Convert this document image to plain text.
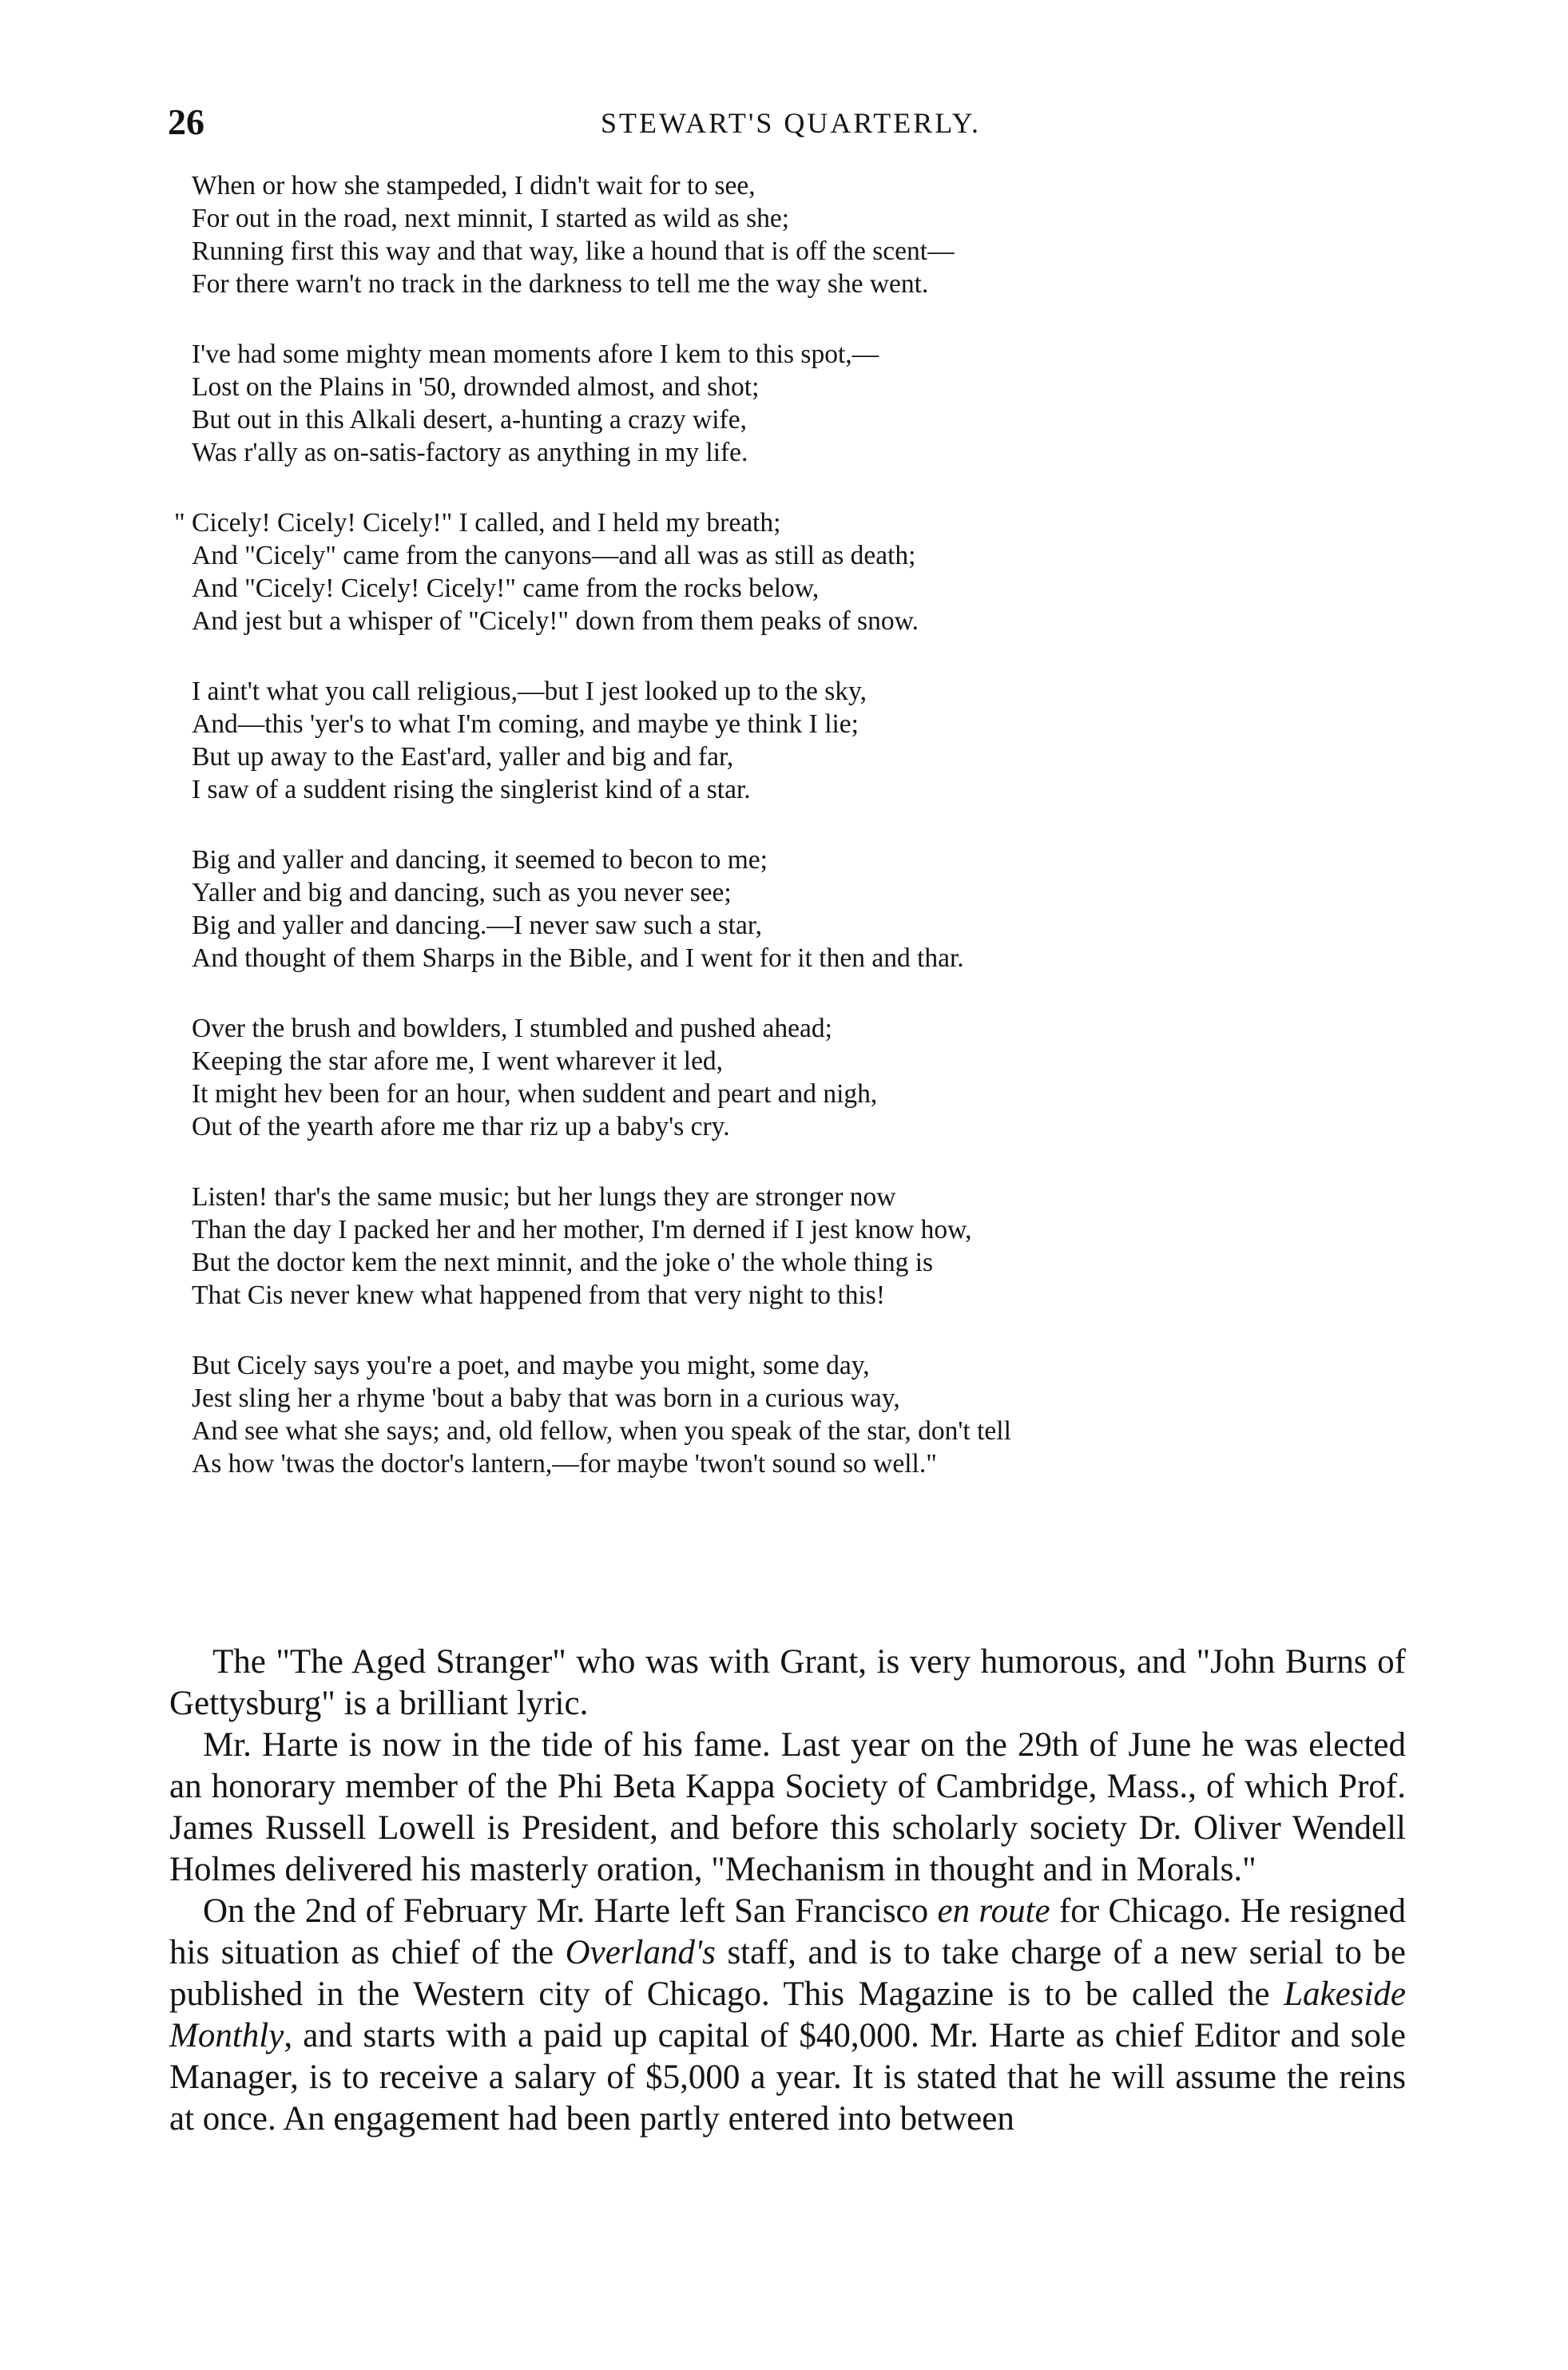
26	STEWART'S QUARTERLY.
When or how she stampeded, I didn't wait for to see,
For out in the road, next minnit, I started as wild as she;
Running first this way and that way, like a hound that is off the scent—
For there warn't no track in the darkness to tell me the way she went.
I've had some mighty mean moments afore I kem to this spot,—
Lost on the Plains in '50, drownded almost, and shot;
But out in this Alkali desert, a-hunting a crazy wife,
Was r'ally as on-satis-factory as anything in my life.
" Cicely! Cicely! Cicely!" I called, and I held my breath;
And "Cicely" came from the canyons—and all was as still as death;
And "Cicely! Cicely! Cicely!" came from the rocks below,
And jest but a whisper of "Cicely!" down from them peaks of snow.
I aint't what you call religious,—but I jest looked up to the sky,
And—this 'yer's to what I'm coming, and maybe ye think I lie;
But up away to the East'ard, yaller and big and far,
I saw of a suddent rising the singlerist kind of a star.
Big and yaller and dancing, it seemed to becon to me;
Yaller and big and dancing, such as you never see;
Big and yaller and dancing.—I never saw such a star,
And thought of them Sharps in the Bible, and I went for it then and thar.
Over the brush and bowlders, I stumbled and pushed ahead;
Keeping the star afore me, I went wharever it led,
It might hev been for an hour, when suddent and peart and nigh,
Out of the yearth afore me thar riz up a baby's cry.
Listen! thar's the same music; but her lungs they are stronger now
Than the day I packed her and her mother, I'm derned if I jest know how,
But the doctor kem the next minnit, and the joke o' the whole thing is
That Cis never knew what happened from that very night to this!
But Cicely says you're a poet, and maybe you might, some day,
Jest sling her a rhyme 'bout a baby that was born in a curious way,
And see what she says; and, old fellow, when you speak of the star, don't tell
As how 'twas the doctor's lantern,—for maybe 'twon't sound so well."

The "The Aged Stranger" who was with Grant, is very humorous, and "John Burns of Gettysburg" is a brilliant lyric.

Mr. Harte is now in the tide of his fame. Last year on the 29th of June he was elected an honorary member of the Phi Beta Kappa Society of Cambridge, Mass., of which Prof. James Russell Lowell is President, and before this scholarly society Dr. Oliver Wendell Holmes delivered his masterly oration, "Mechanism in thought and in Morals."

On the 2nd of February Mr. Harte left San Francisco en route for Chicago. He resigned his situation as chief of the Overland's staff, and is to take charge of a new serial to be published in the Western city of Chicago. This Magazine is to be called the Lakeside Monthly, and starts with a paid up capital of $40,000. Mr. Harte as chief Editor and sole Manager, is to receive a salary of $5,000 a year. It is stated that he will assume the reins at once. An engagement had been partly entered into between
